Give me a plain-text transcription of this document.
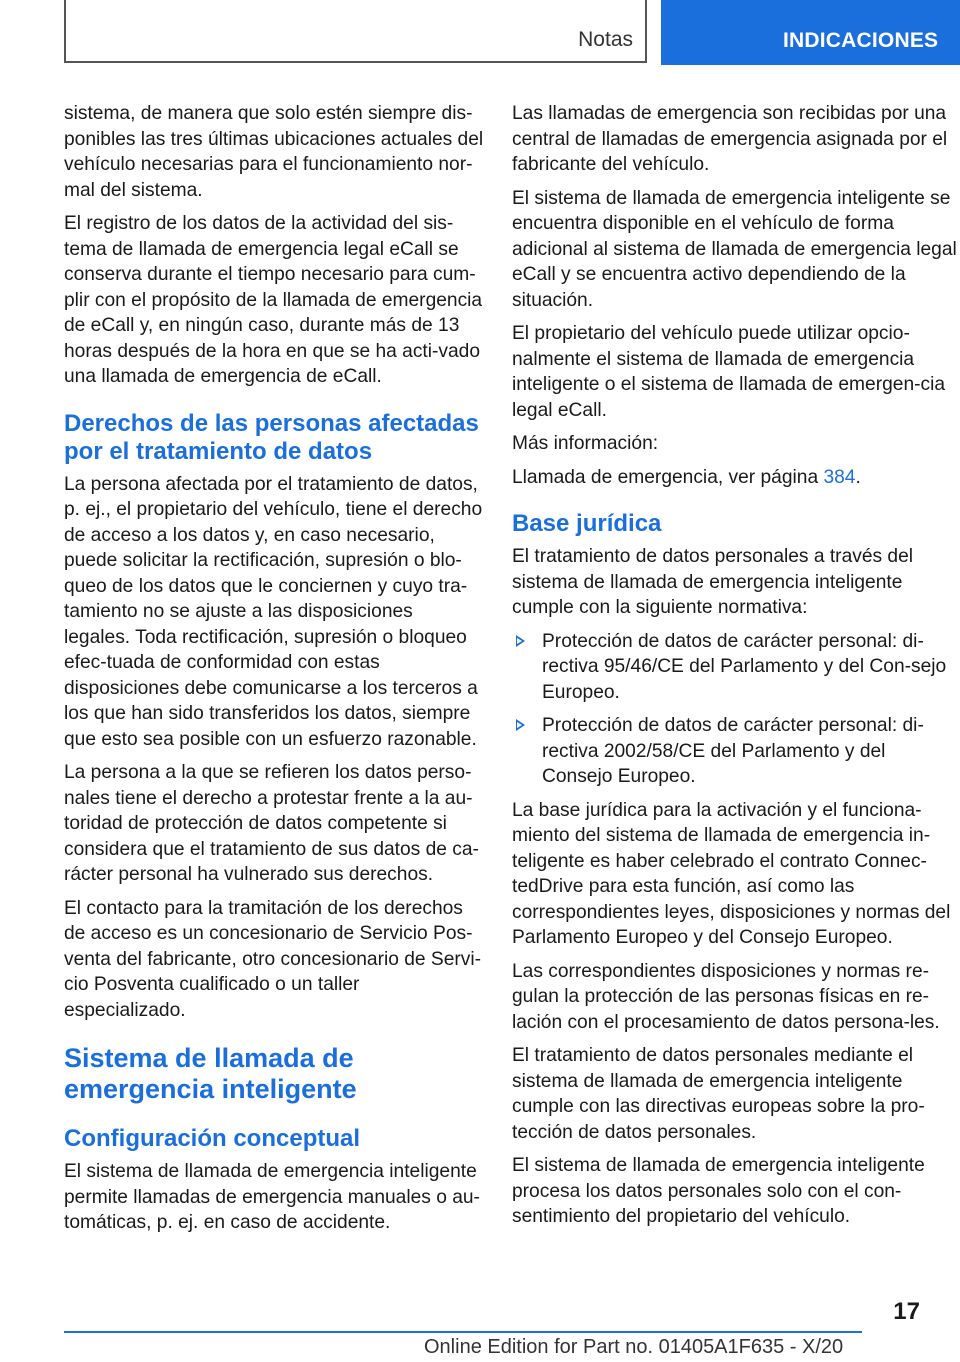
Notas	INDICACIONES

sistema, de manera que solo estén siempre dis-ponibles las tres últimas ubicaciones actuales del vehículo necesarias para el funcionamiento nor-mal del sistema.

El registro de los datos de la actividad del sis-tema de llamada de emergencia legal eCall se conserva durante el tiempo necesario para cum-plir con el propósito de la llamada de emergencia de eCall y, en ningún caso, durante más de 13 horas después de la hora en que se ha acti-vado una llamada de emergencia de eCall.

Derechos de las personas afectadas por el tratamiento de datos

La persona afectada por el tratamiento de datos, p. ej., el propietario del vehículo, tiene el derecho de acceso a los datos y, en caso necesario, puede solicitar la rectificación, supresión o blo-queo de los datos que le conciernen y cuyo tra-tamiento no se ajuste a las disposiciones legales. Toda rectificación, supresión o bloqueo efec-tuada de conformidad con estas disposiciones debe comunicarse a los terceros a los que han sido transferidos los datos, siempre que esto sea posible con un esfuerzo razonable.

La persona a la que se refieren los datos perso-nales tiene el derecho a protestar frente a la au-toridad de protección de datos competente si considera que el tratamiento de sus datos de ca-rácter personal ha vulnerado sus derechos.

El contacto para la tramitación de los derechos de acceso es un concesionario de Servicio Pos-venta del fabricante, otro concesionario de Servi-cio Posventa cualificado o un taller especializado.

Sistema de llamada de emergencia inteligente
Configuración conceptual

El sistema de llamada de emergencia inteligente permite llamadas de emergencia manuales o au-tomáticas, p. ej. en caso de accidente.

Las llamadas de emergencia son recibidas por una central de llamadas de emergencia asignada por el fabricante del vehículo.

El sistema de llamada de emergencia inteligente se encuentra disponible en el vehículo de forma adicional al sistema de llamada de emergencia legal eCall y se encuentra activo dependiendo de la situación.

El propietario del vehículo puede utilizar opcio-nalmente el sistema de llamada de emergencia inteligente o el sistema de llamada de emergen-cia legal eCall.

Más información:

Llamada de emergencia, ver página 384.

Base jurídica

El tratamiento de datos personales a través del sistema de llamada de emergencia inteligente cumple con la siguiente normativa:

Protección de datos de carácter personal: di-rectiva 95/46/CE del Parlamento y del Con-sejo Europeo.
Protección de datos de carácter personal: di-rectiva 2002/58/CE del Parlamento y del Consejo Europeo.

La base jurídica para la activación y el funciona-miento del sistema de llamada de emergencia in-teligente es haber celebrado el contrato Connec-tedDrive para esta función, así como las correspondientes leyes, disposiciones y normas del Parlamento Europeo y del Consejo Europeo.

Las correspondientes disposiciones y normas re-gulan la protección de las personas físicas en re-lación con el procesamiento de datos persona-les.

El tratamiento de datos personales mediante el sistema de llamada de emergencia inteligente cumple con las directivas europeas sobre la pro-tección de datos personales.

El sistema de llamada de emergencia inteligente procesa los datos personales solo con el con-sentimiento del propietario del vehículo.

17
Online Edition for Part no. 01405A1F635 - X/20
